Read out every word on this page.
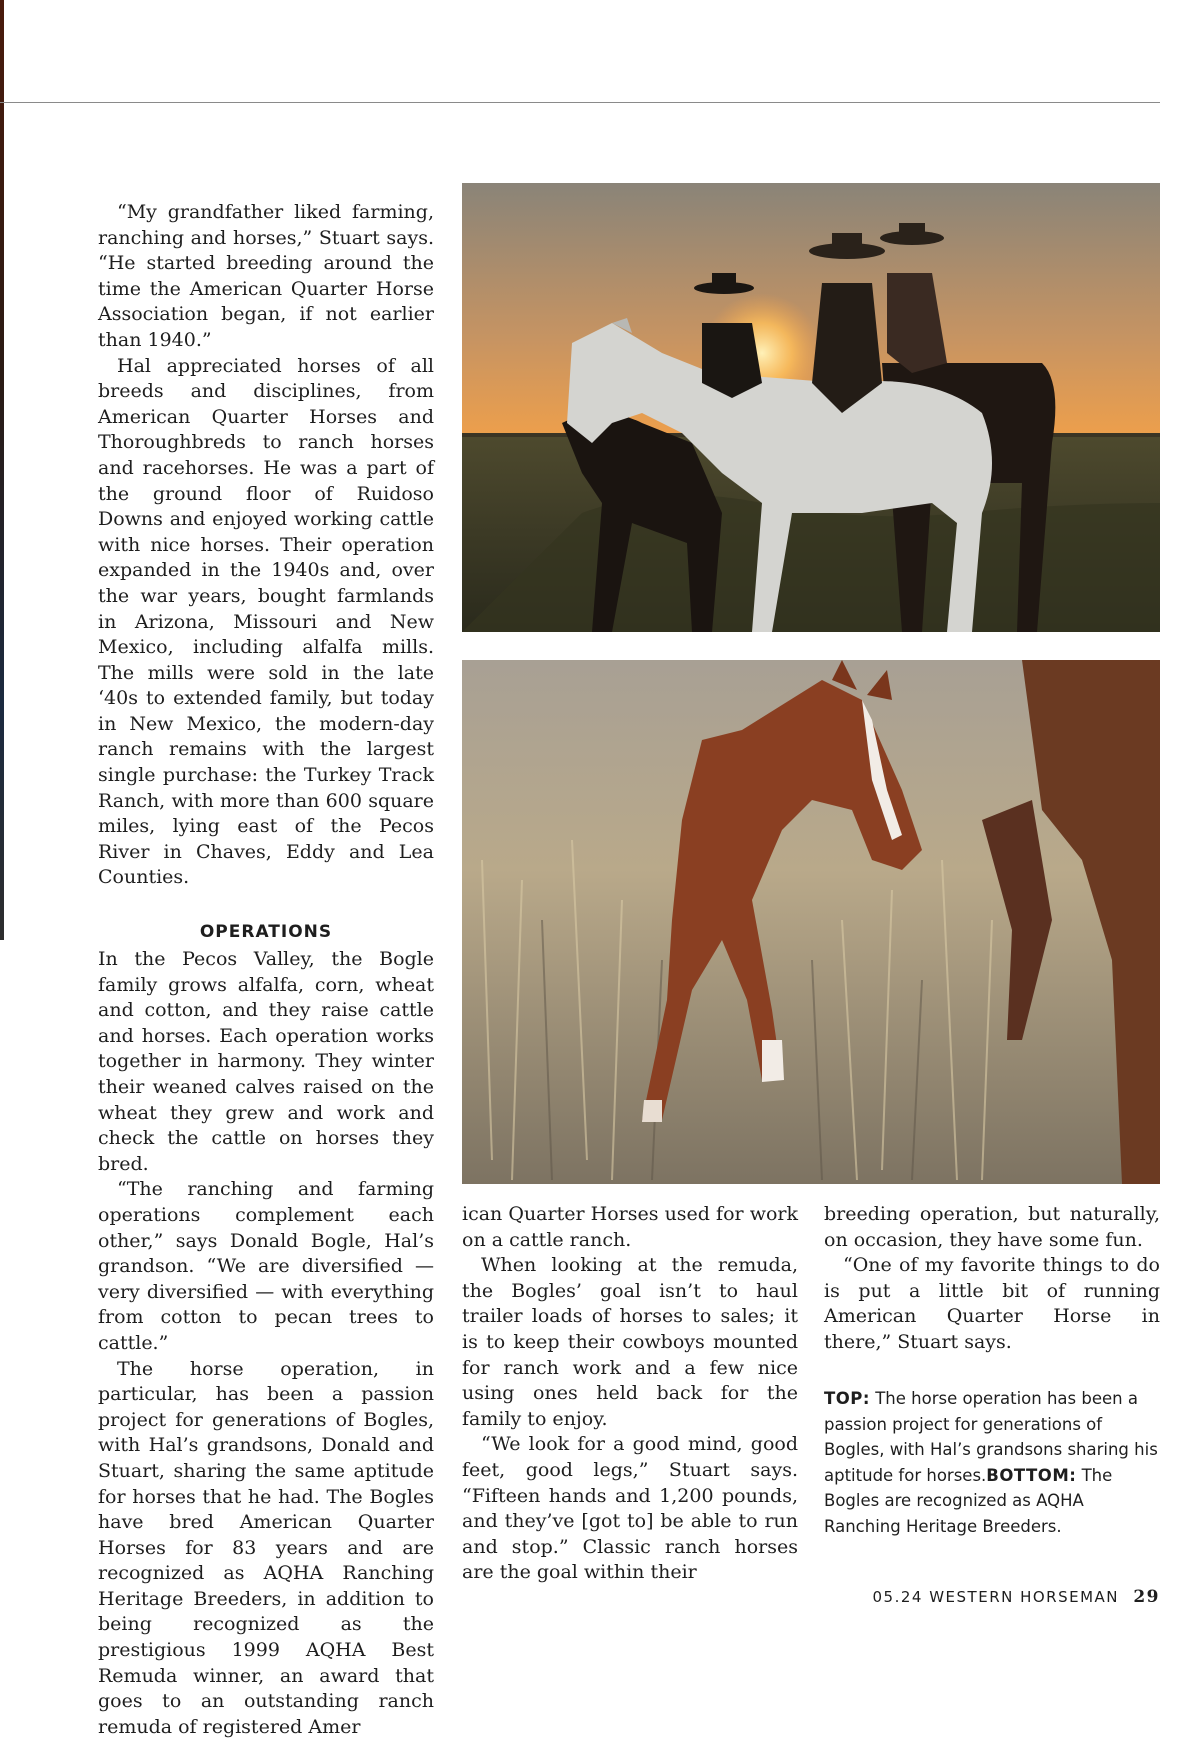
“My grandfather liked farming, ranching and horses,” Stuart says. “He started breeding around the time the American Quarter Horse Association began, if not earlier than 1940.”

Hal appreciated horses of all breeds and disciplines, from American Quarter Horses and Thoroughbreds to ranch horses and racehorses. He was a part of the ground floor of Ruidoso Downs and enjoyed working cattle with nice horses. Their operation expanded in the 1940s and, over the war years, bought farmlands in Arizona, Missouri and New Mexico, including alfalfa mills. The mills were sold in the late ‘40s to extended family, but today in New Mexico, the modern-day ranch remains with the largest single purchase: the Turkey Track Ranch, with more than 600 square miles, lying east of the Pecos River in Chaves, Eddy and Lea Counties.

OPERATIONS

In the Pecos Valley, the Bogle family grows alfalfa, corn, wheat and cotton, and they raise cattle and horses. Each operation works together in harmony. They winter their weaned calves raised on the wheat they grew and work and check the cattle on horses they bred.

“The ranching and farming operations complement each other,” says Donald Bogle, Hal’s grandson. “We are diversified — very diversified — with everything from cotton to pecan trees to cattle.”

The horse operation, in particular, has been a passion project for generations of Bogles, with Hal’s grandsons, Donald and Stuart, sharing the same aptitude for horses that he had. The Bogles have bred American Quarter Horses for 83 years and are recognized as AQHA Ranching Heritage Breeders, in addition to being recognized as the prestigious 1999 AQHA Best Remuda winner, an award that goes to an outstanding ranch remuda of registered Amer

ican Quarter Horses used for work on a cattle ranch.

When looking at the remuda, the Bogles’ goal isn’t to haul trailer loads of horses to sales; it is to keep their cowboys mounted for ranch work and a few nice using ones held back for the family to enjoy.

“We look for a good mind, good feet, good legs,” Stuart says. “Fifteen hands and 1,200 pounds, and they’ve [got to] be able to run and stop.” Classic ranch horses are the goal within their

breeding operation, but naturally, on occasion, they have some fun.

“One of my favorite things to do is put a little bit of running American Quarter Horse in there,” Stuart says.

TOP: The horse operation has been a passion project for generations of Bogles, with Hal’s grandsons sharing his aptitude for horses.BOTTOM: The Bogles are recognized as AQHA Ranching Heritage Breeders.
05.24 WESTERN HORSEMAN 29
